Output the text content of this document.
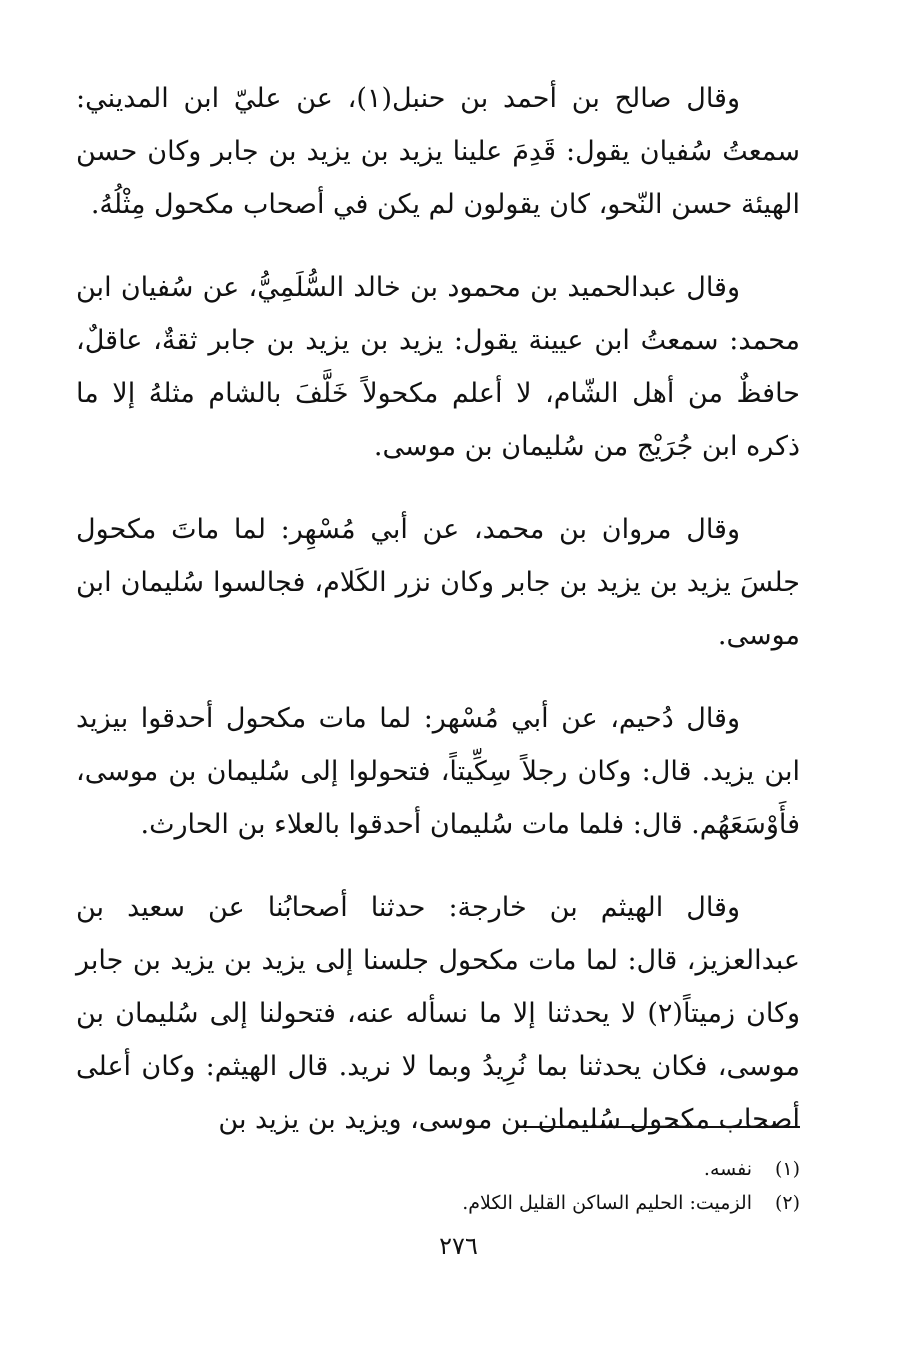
وقال صالح بن أحمد بن حنبل(١)، عن عليّ ابن المديني: سمعتُ سُفيان يقول: قَدِمَ علينا يزيد بن يزيد بن جابر وكان حسن الهيئة حسن النّحو، كان يقولون لم يكن في أصحاب مكحول مِثْلُهُ.

وقال عبدالحميد بن محمود بن خالد السُّلَمِيُّ، عن سُفيان ابن محمد: سمعتُ ابن عيينة يقول: يزيد بن يزيد بن جابر ثقةٌ، عاقلٌ، حافظٌ من أهل الشّام، لا أعلم مكحولاً خَلَّفَ بالشام مثلهُ إلا ما ذكره ابن جُرَيْج من سُليمان بن موسى.

وقال مروان بن محمد، عن أبي مُسْهِر: لما ماتَ مكحول جلسَ يزيد بن يزيد بن جابر وكان نزر الكَلام، فجالسوا سُليمان ابن موسى.

وقال دُحيم، عن أبي مُسْهر: لما مات مكحول أحدقوا بيزيد ابن يزيد. قال: وكان رجلاً سِكِّيتاً، فتحولوا إلى سُليمان بن موسى، فأَوْسَعَهُم. قال: فلما مات سُليمان أحدقوا بالعلاء بن الحارث.

وقال الهيثم بن خارجة: حدثنا أصحابُنا عن سعيد بن عبدالعزيز، قال: لما مات مكحول جلسنا إلى يزيد بن يزيد بن جابر وكان زميتاً(٢) لا يحدثنا إلا ما نسأله عنه، فتحولنا إلى سُليمان بن موسى، فكان يحدثنا بما نُرِيدُ وبما لا نريد. قال الهيثم: وكان أعلى أصحاب مكحول سُليمان بن موسى، ويزيد بن يزيد بن

(١)
نفسه.
(٢)
الزميت: الحليم الساكن القليل الكلام.
٢٧٦
